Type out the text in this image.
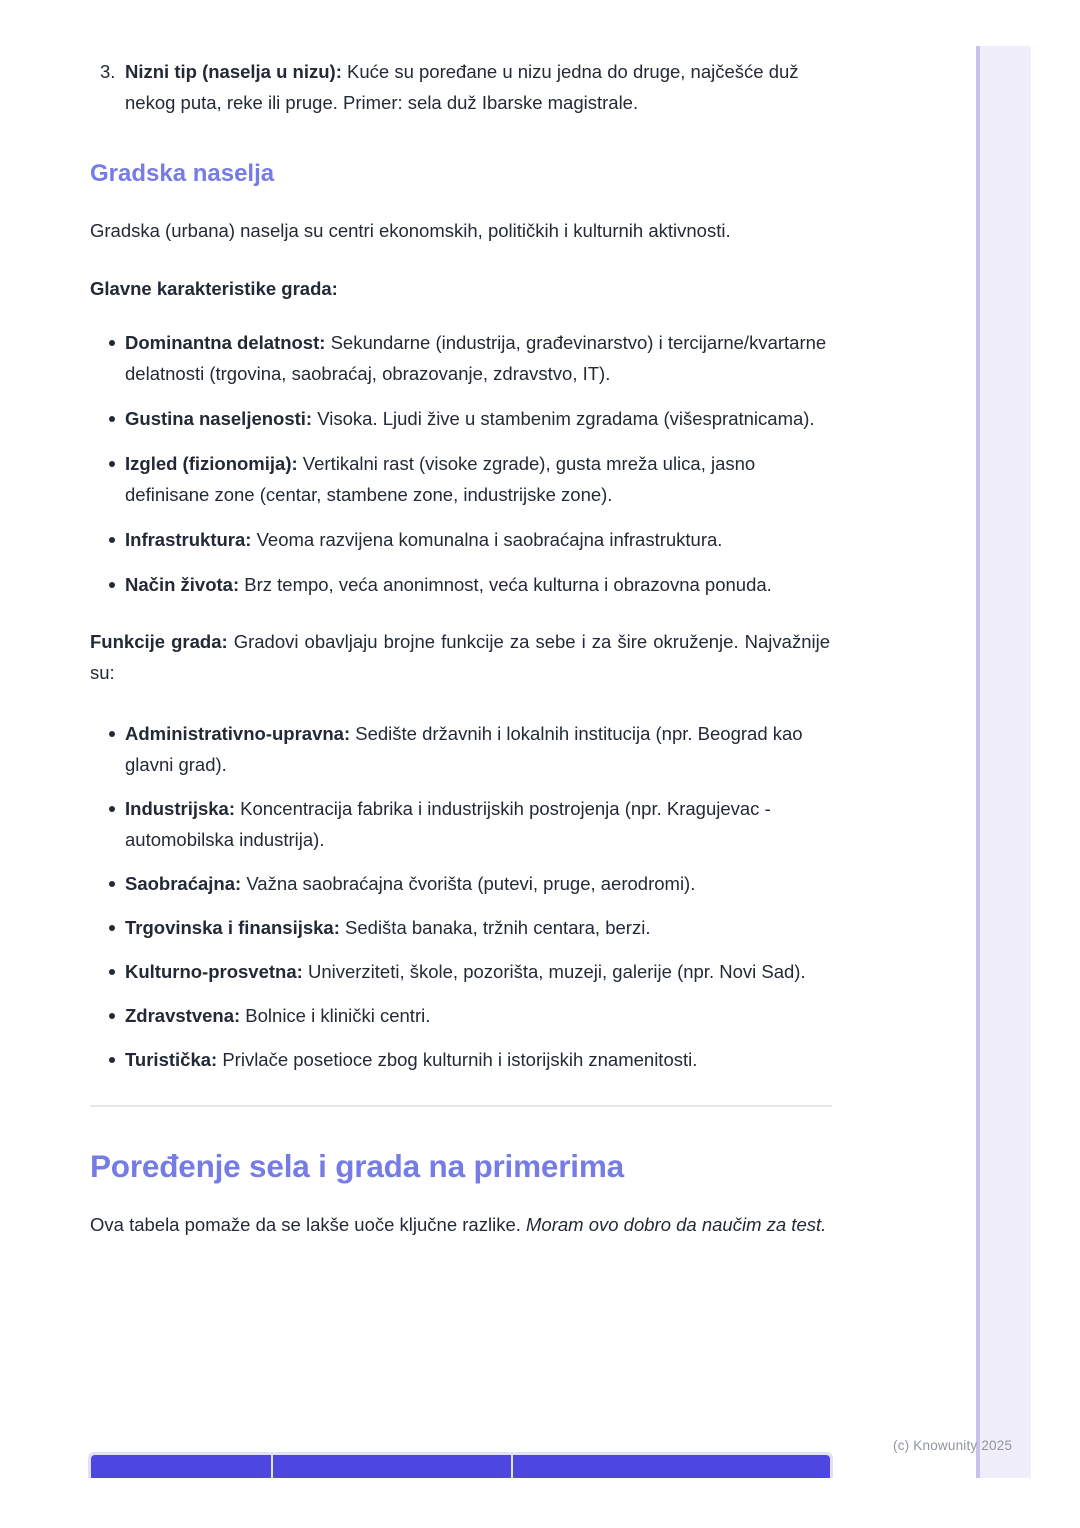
3. Nizni tip (naselja u nizu): Kuće su poređane u nizu jedna do druge, najčešće duž nekog puta, reke ili pruge. Primer: sela duž Ibarske magistrale.
Gradska naselja

Gradska (urbana) naselja su centri ekonomskih, političkih i kulturnih aktivnosti.

Glavne karakteristike grada:

Dominantna delatnost: Sekundarne (industrija, građevinarstvo) i tercijarne/kvartarne delatnosti (trgovina, saobraćaj, obrazovanje, zdravstvo, IT).
Gustina naseljenosti: Visoka. Ljudi žive u stambenim zgradama (višespratnicama).
Izgled (fizionomija): Vertikalni rast (visoke zgrade), gusta mreža ulica, jasno definisane zone (centar, stambene zone, industrijske zone).
Infrastruktura: Veoma razvijena komunalna i saobraćajna infrastruktura.
Način života: Brz tempo, veća anonimnost, veća kulturna i obrazovna ponuda.

Funkcije grada: Gradovi obavljaju brojne funkcije za sebe i za šire okruženje. Najvažnije su:

Administrativno-upravna: Sedište državnih i lokalnih institucija (npr. Beograd kao glavni grad).
Industrijska: Koncentracija fabrika i industrijskih postrojenja (npr. Kragujevac - automobilska industrija).
Saobraćajna: Važna saobraćajna čvorišta (putevi, pruge, aerodromi).
Trgovinska i finansijska: Sedišta banaka, tržnih centara, berzi.
Kulturno-prosvetna: Univerziteti, škole, pozorišta, muzeji, galerije (npr. Novi Sad).
Zdravstvena: Bolnice i klinički centri.
Turistička: Privlače posetioce zbog kulturnih i istorijskih znamenitosti.
Poređenje sela i grada na primerima

Ova tabela pomaže da se lakše uoče ključne razlike. Moram ovo dobro da naučim za test.

(c) Knowunity 2025
